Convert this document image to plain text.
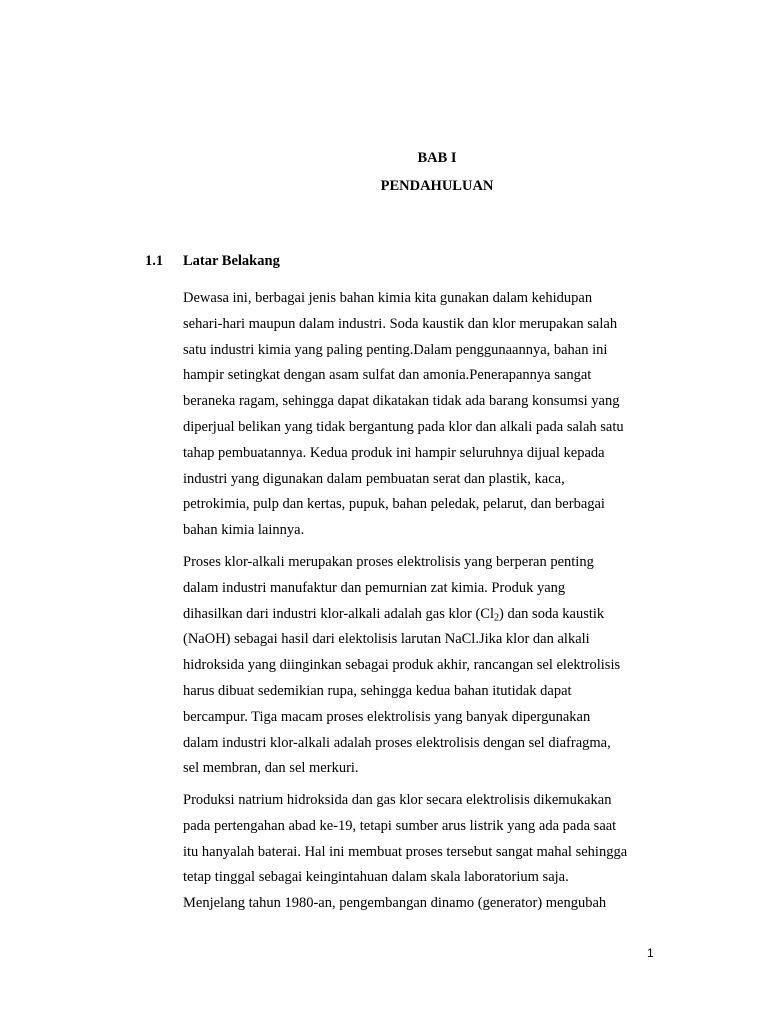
BAB I
PENDAHULUAN
1.1 Latar Belakang
Dewasa ini, berbagai jenis bahan kimia kita gunakan dalam kehidupan
sehari-hari maupun dalam industri. Soda kaustik dan klor merupakan salah
satu industri kimia yang paling penting.Dalam penggunaannya, bahan ini
hampir setingkat dengan asam sulfat dan amonia.Penerapannya sangat
beraneka ragam, sehingga dapat dikatakan tidak ada barang konsumsi yang
diperjual belikan yang tidak bergantung pada klor dan alkali pada salah satu
tahap pembuatannya. Kedua produk ini hampir seluruhnya dijual kepada
industri yang digunakan dalam pembuatan serat dan plastik, kaca,
petrokimia, pulp dan kertas, pupuk, bahan peledak, pelarut, dan berbagai
bahan kimia lainnya.
Proses klor-alkali merupakan proses elektrolisis yang berperan penting
dalam industri manufaktur dan pemurnian zat kimia. Produk yang
dihasilkan dari industri klor-alkali adalah gas klor $(Cl_2)$ dan soda kaustik
(NaOH) sebagai hasil dari elektolisis larutan NaCl.Jika klor dan alkali
hidroksida yang diinginkan sebagai produk akhir, rancangan sel elektrolisis
harus dibuat sedemikian rupa, sehingga kedua bahan itutidak dapat
bercampur. Tiga macam proses elektrolisis yang banyak dipergunakan
dalam industri klor-alkali adalah proses elektrolisis dengan sel diafragma,
sel membran, dan sel merkuri.
Produksi natrium hidroksida dan gas klor secara elektrolisis dikemukakan
pada pertengahan abad ke-19, tetapi sumber arus listrik yang ada pada saat
itu hanyalah baterai. Hal ini membuat proses tersebut sangat mahal sehingga
tetap tinggal sebagai keingintahuan dalam skala laboratorium saja.
Menjelang tahun 1980-an, pengembangan dinamo (generator) mengubah
1
